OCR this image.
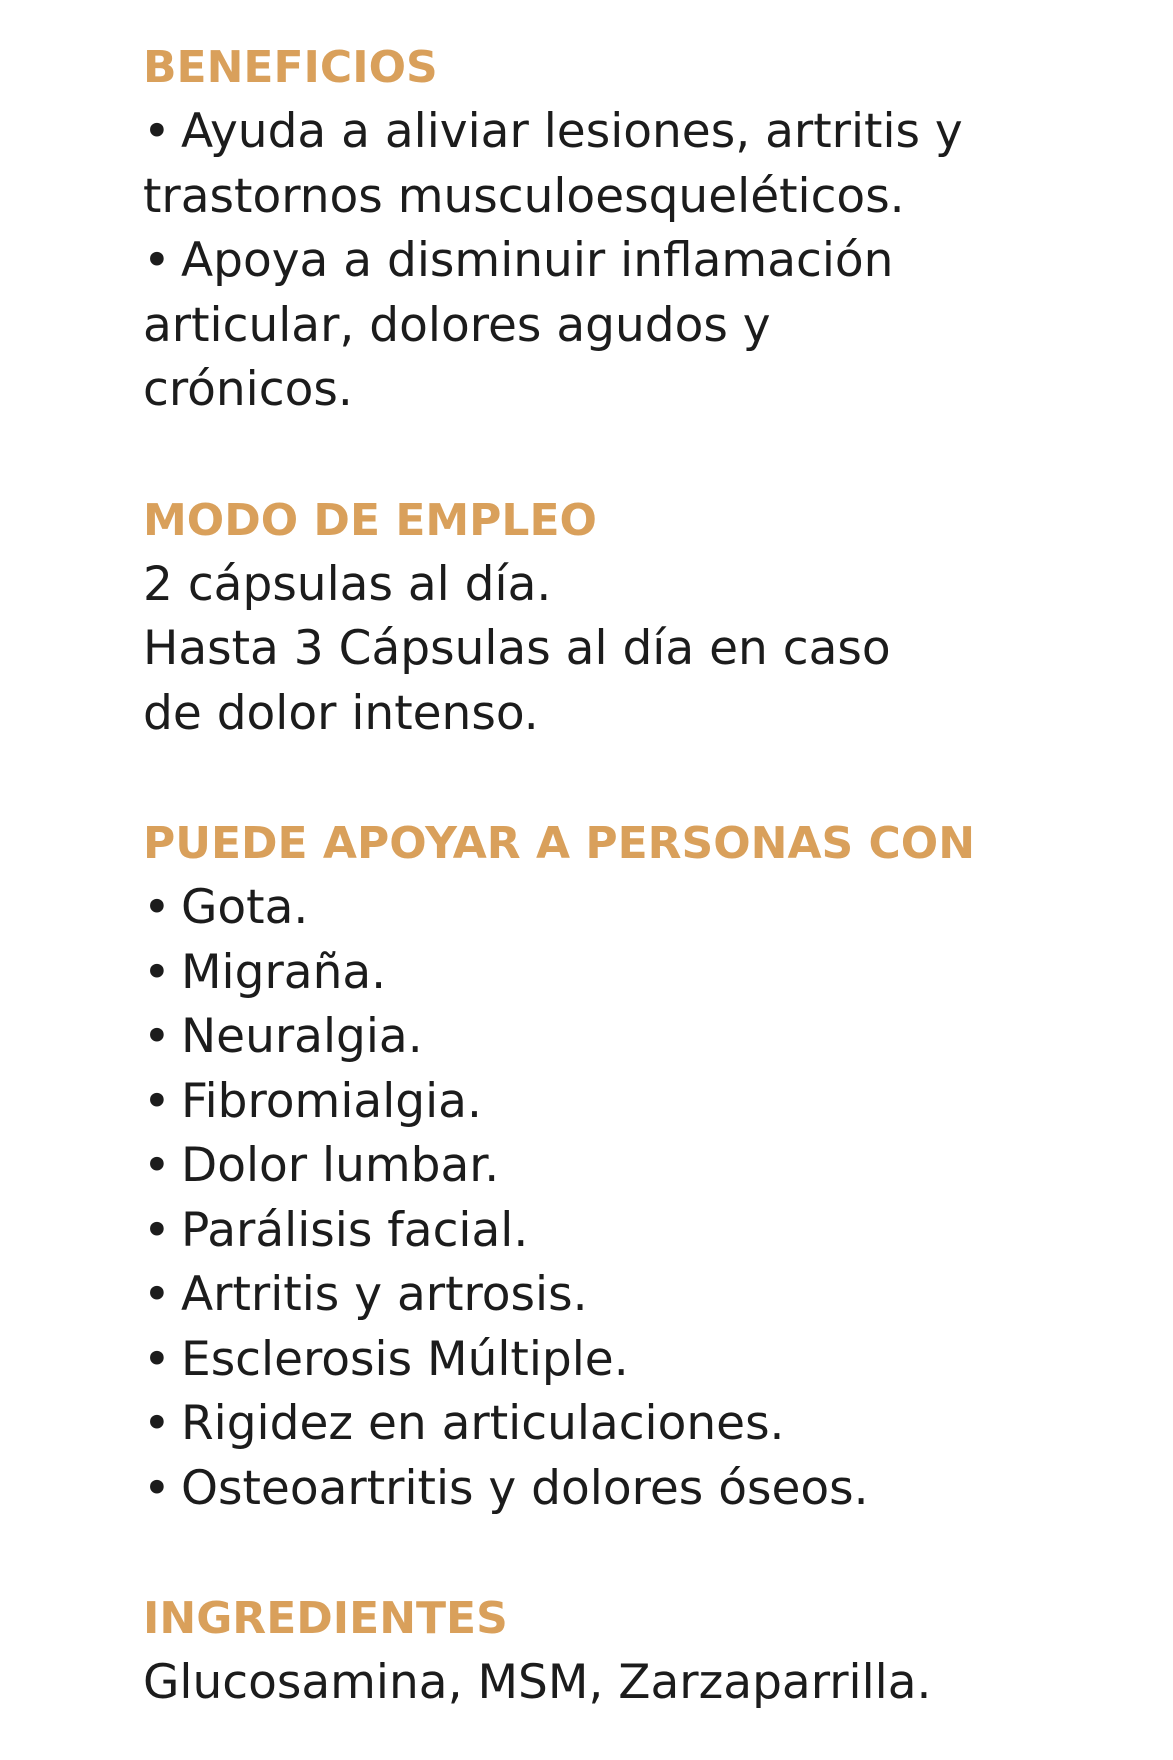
BENEFICIOS
• Ayuda a aliviar lesiones, artritis y
trastornos musculoesqueléticos.
• Apoya a disminuir inflamación
articular, dolores agudos y
crónicos.
MODO DE EMPLEO
2 cápsulas al día.
Hasta 3 Cápsulas al día en caso
de dolor intenso.
PUEDE APOYAR A PERSONAS CON
• Gota.
• Migraña.
• Neuralgia.
• Fibromialgia.
• Dolor lumbar.
• Parálisis facial.
• Artritis y artrosis.
• Esclerosis Múltiple.
• Rigidez en articulaciones.
• Osteoartritis y dolores óseos.
INGREDIENTES
Glucosamina, MSM, Zarzaparrilla.
